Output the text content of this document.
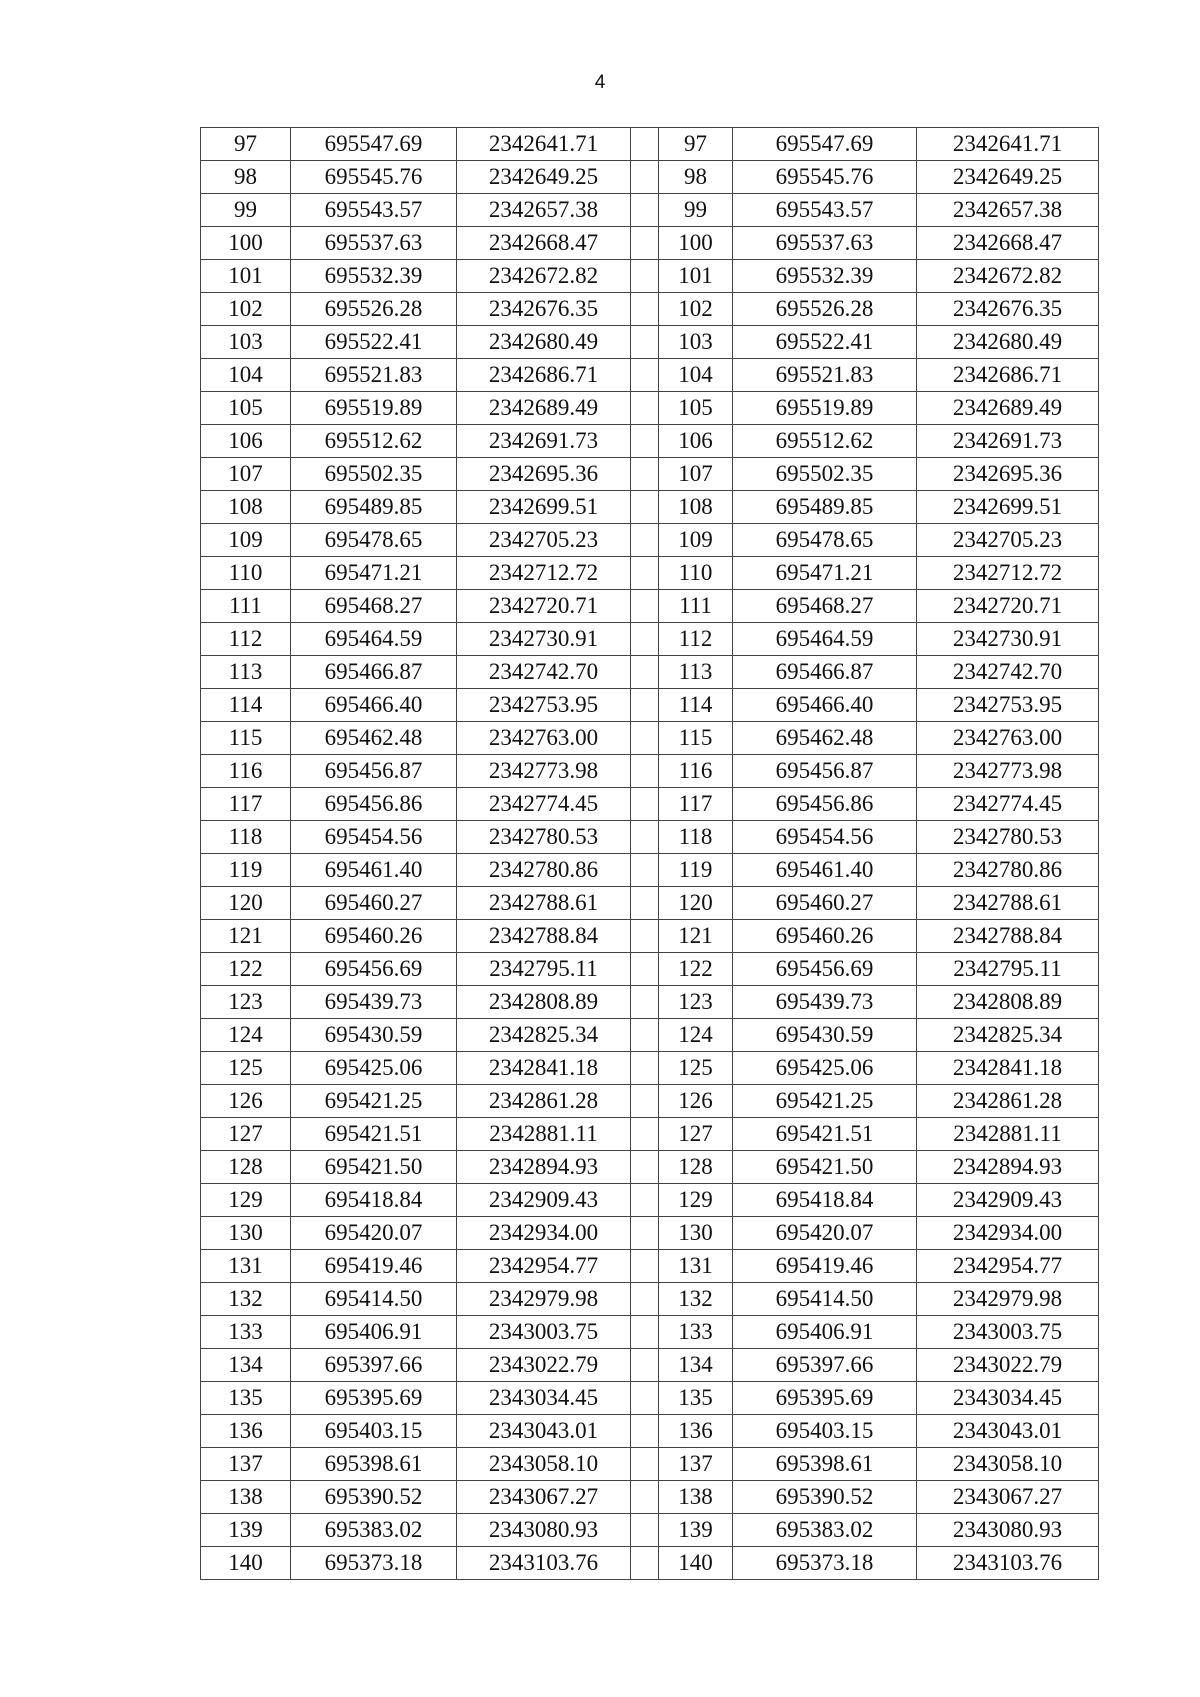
4
97	695547.69	2342641.71		97	695547.69	2342641.71
98	695545.76	2342649.25		98	695545.76	2342649.25
99	695543.57	2342657.38		99	695543.57	2342657.38
100	695537.63	2342668.47		100	695537.63	2342668.47
101	695532.39	2342672.82		101	695532.39	2342672.82
102	695526.28	2342676.35		102	695526.28	2342676.35
103	695522.41	2342680.49		103	695522.41	2342680.49
104	695521.83	2342686.71		104	695521.83	2342686.71
105	695519.89	2342689.49		105	695519.89	2342689.49
106	695512.62	2342691.73		106	695512.62	2342691.73
107	695502.35	2342695.36		107	695502.35	2342695.36
108	695489.85	2342699.51		108	695489.85	2342699.51
109	695478.65	2342705.23		109	695478.65	2342705.23
110	695471.21	2342712.72		110	695471.21	2342712.72
111	695468.27	2342720.71		111	695468.27	2342720.71
112	695464.59	2342730.91		112	695464.59	2342730.91
113	695466.87	2342742.70		113	695466.87	2342742.70
114	695466.40	2342753.95		114	695466.40	2342753.95
115	695462.48	2342763.00		115	695462.48	2342763.00
116	695456.87	2342773.98		116	695456.87	2342773.98
117	695456.86	2342774.45		117	695456.86	2342774.45
118	695454.56	2342780.53		118	695454.56	2342780.53
119	695461.40	2342780.86		119	695461.40	2342780.86
120	695460.27	2342788.61		120	695460.27	2342788.61
121	695460.26	2342788.84		121	695460.26	2342788.84
122	695456.69	2342795.11		122	695456.69	2342795.11
123	695439.73	2342808.89		123	695439.73	2342808.89
124	695430.59	2342825.34		124	695430.59	2342825.34
125	695425.06	2342841.18		125	695425.06	2342841.18
126	695421.25	2342861.28		126	695421.25	2342861.28
127	695421.51	2342881.11		127	695421.51	2342881.11
128	695421.50	2342894.93		128	695421.50	2342894.93
129	695418.84	2342909.43		129	695418.84	2342909.43
130	695420.07	2342934.00		130	695420.07	2342934.00
131	695419.46	2342954.77		131	695419.46	2342954.77
132	695414.50	2342979.98		132	695414.50	2342979.98
133	695406.91	2343003.75		133	695406.91	2343003.75
134	695397.66	2343022.79		134	695397.66	2343022.79
135	695395.69	2343034.45		135	695395.69	2343034.45
136	695403.15	2343043.01		136	695403.15	2343043.01
137	695398.61	2343058.10		137	695398.61	2343058.10
138	695390.52	2343067.27		138	695390.52	2343067.27
139	695383.02	2343080.93		139	695383.02	2343080.93
140	695373.18	2343103.76		140	695373.18	2343103.76
